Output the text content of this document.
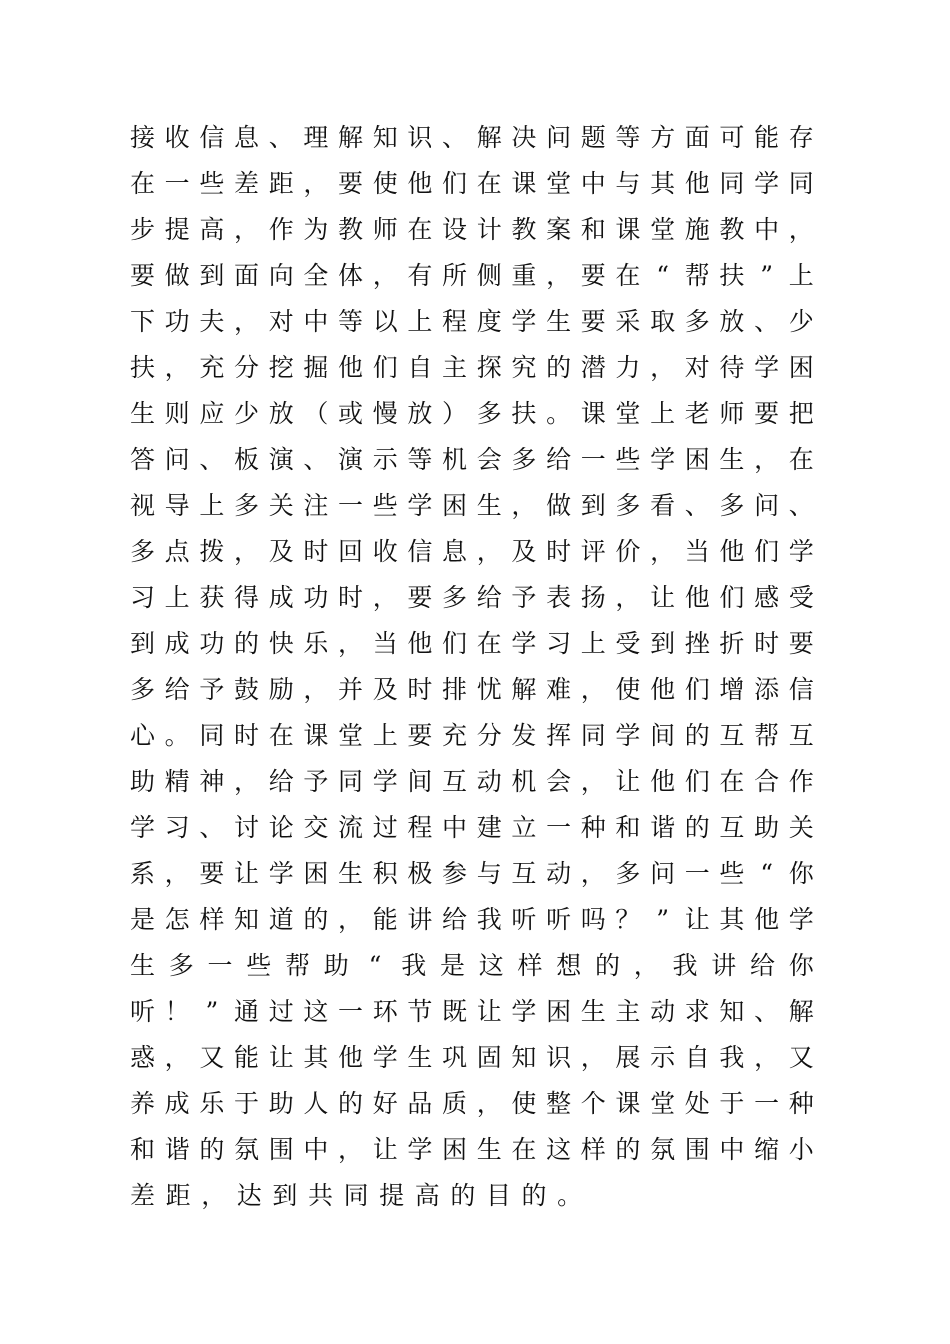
接 收 信 息 、 理 解 知 识 、 解 决 问 题 等 方 面 可 能 存
在 一 些 差 距 ， 要 使 他 们 在 课 堂 中 与 其 他 同 学 同
步 提 高 ， 作 为 教 师 在 设 计 教 案 和 课 堂 施 教 中 ，
要 做 到 面 向 全 体 ， 有 所 侧 重 ， 要 在 “ 帮 扶 ” 上
下 功 夫 ， 对 中 等 以 上 程 度 学 生 要 采 取 多 放 、 少
扶 ， 充 分 挖 掘 他 们 自 主 探 究 的 潜 力 ， 对 待 学 困
生 则 应 少 放 （ 或 慢 放 ） 多 扶 。 课 堂 上 老 师 要 把
答 问 、 板 演 、 演 示 等 机 会 多 给 一 些 学 困 生 ， 在
视 导 上 多 关 注 一 些 学 困 生 ， 做 到 多 看 、 多 问 、
多 点 拨 ， 及 时 回 收 信 息 ， 及 时 评 价 ， 当 他 们 学
习 上 获 得 成 功 时 ， 要 多 给 予 表 扬 ， 让 他 们 感 受
到 成 功 的 快 乐 ， 当 他 们 在 学 习 上 受 到 挫 折 时 要
多 给 予 鼓 励 ， 并 及 时 排 忧 解 难 ， 使 他 们 增 添 信
心 。 同 时 在 课 堂 上 要 充 分 发 挥 同 学 间 的 互 帮 互
助 精 神 ， 给 予 同 学 间 互 动 机 会 ， 让 他 们 在 合 作
学 习 、 讨 论 交 流 过 程 中 建 立 一 种 和 谐 的 互 助 关
系 ， 要 让 学 困 生 积 极 参 与 互 动 ， 多 问 一 些 “ 你
是 怎 样 知 道 的 ， 能 讲 给 我 听 听 吗 ？ ” 让 其 他 学
生 多 一 些 帮 助 “ 我 是 这 样 想 的 ， 我 讲 给 你
听 ！ ” 通 过 这 一 环 节 既 让 学 困 生 主 动 求 知 、 解
惑 ， 又 能 让 其 他 学 生 巩 固 知 识 ， 展 示 自 我 ， 又
养 成 乐 于 助 人 的 好 品 质 ， 使 整 个 课 堂 处 于 一 种
和 谐 的 氛 围 中 ， 让 学 困 生 在 这 样 的 氛 围 中 缩 小
差 距 ， 达 到 共 同 提 高 的 目 的 。
